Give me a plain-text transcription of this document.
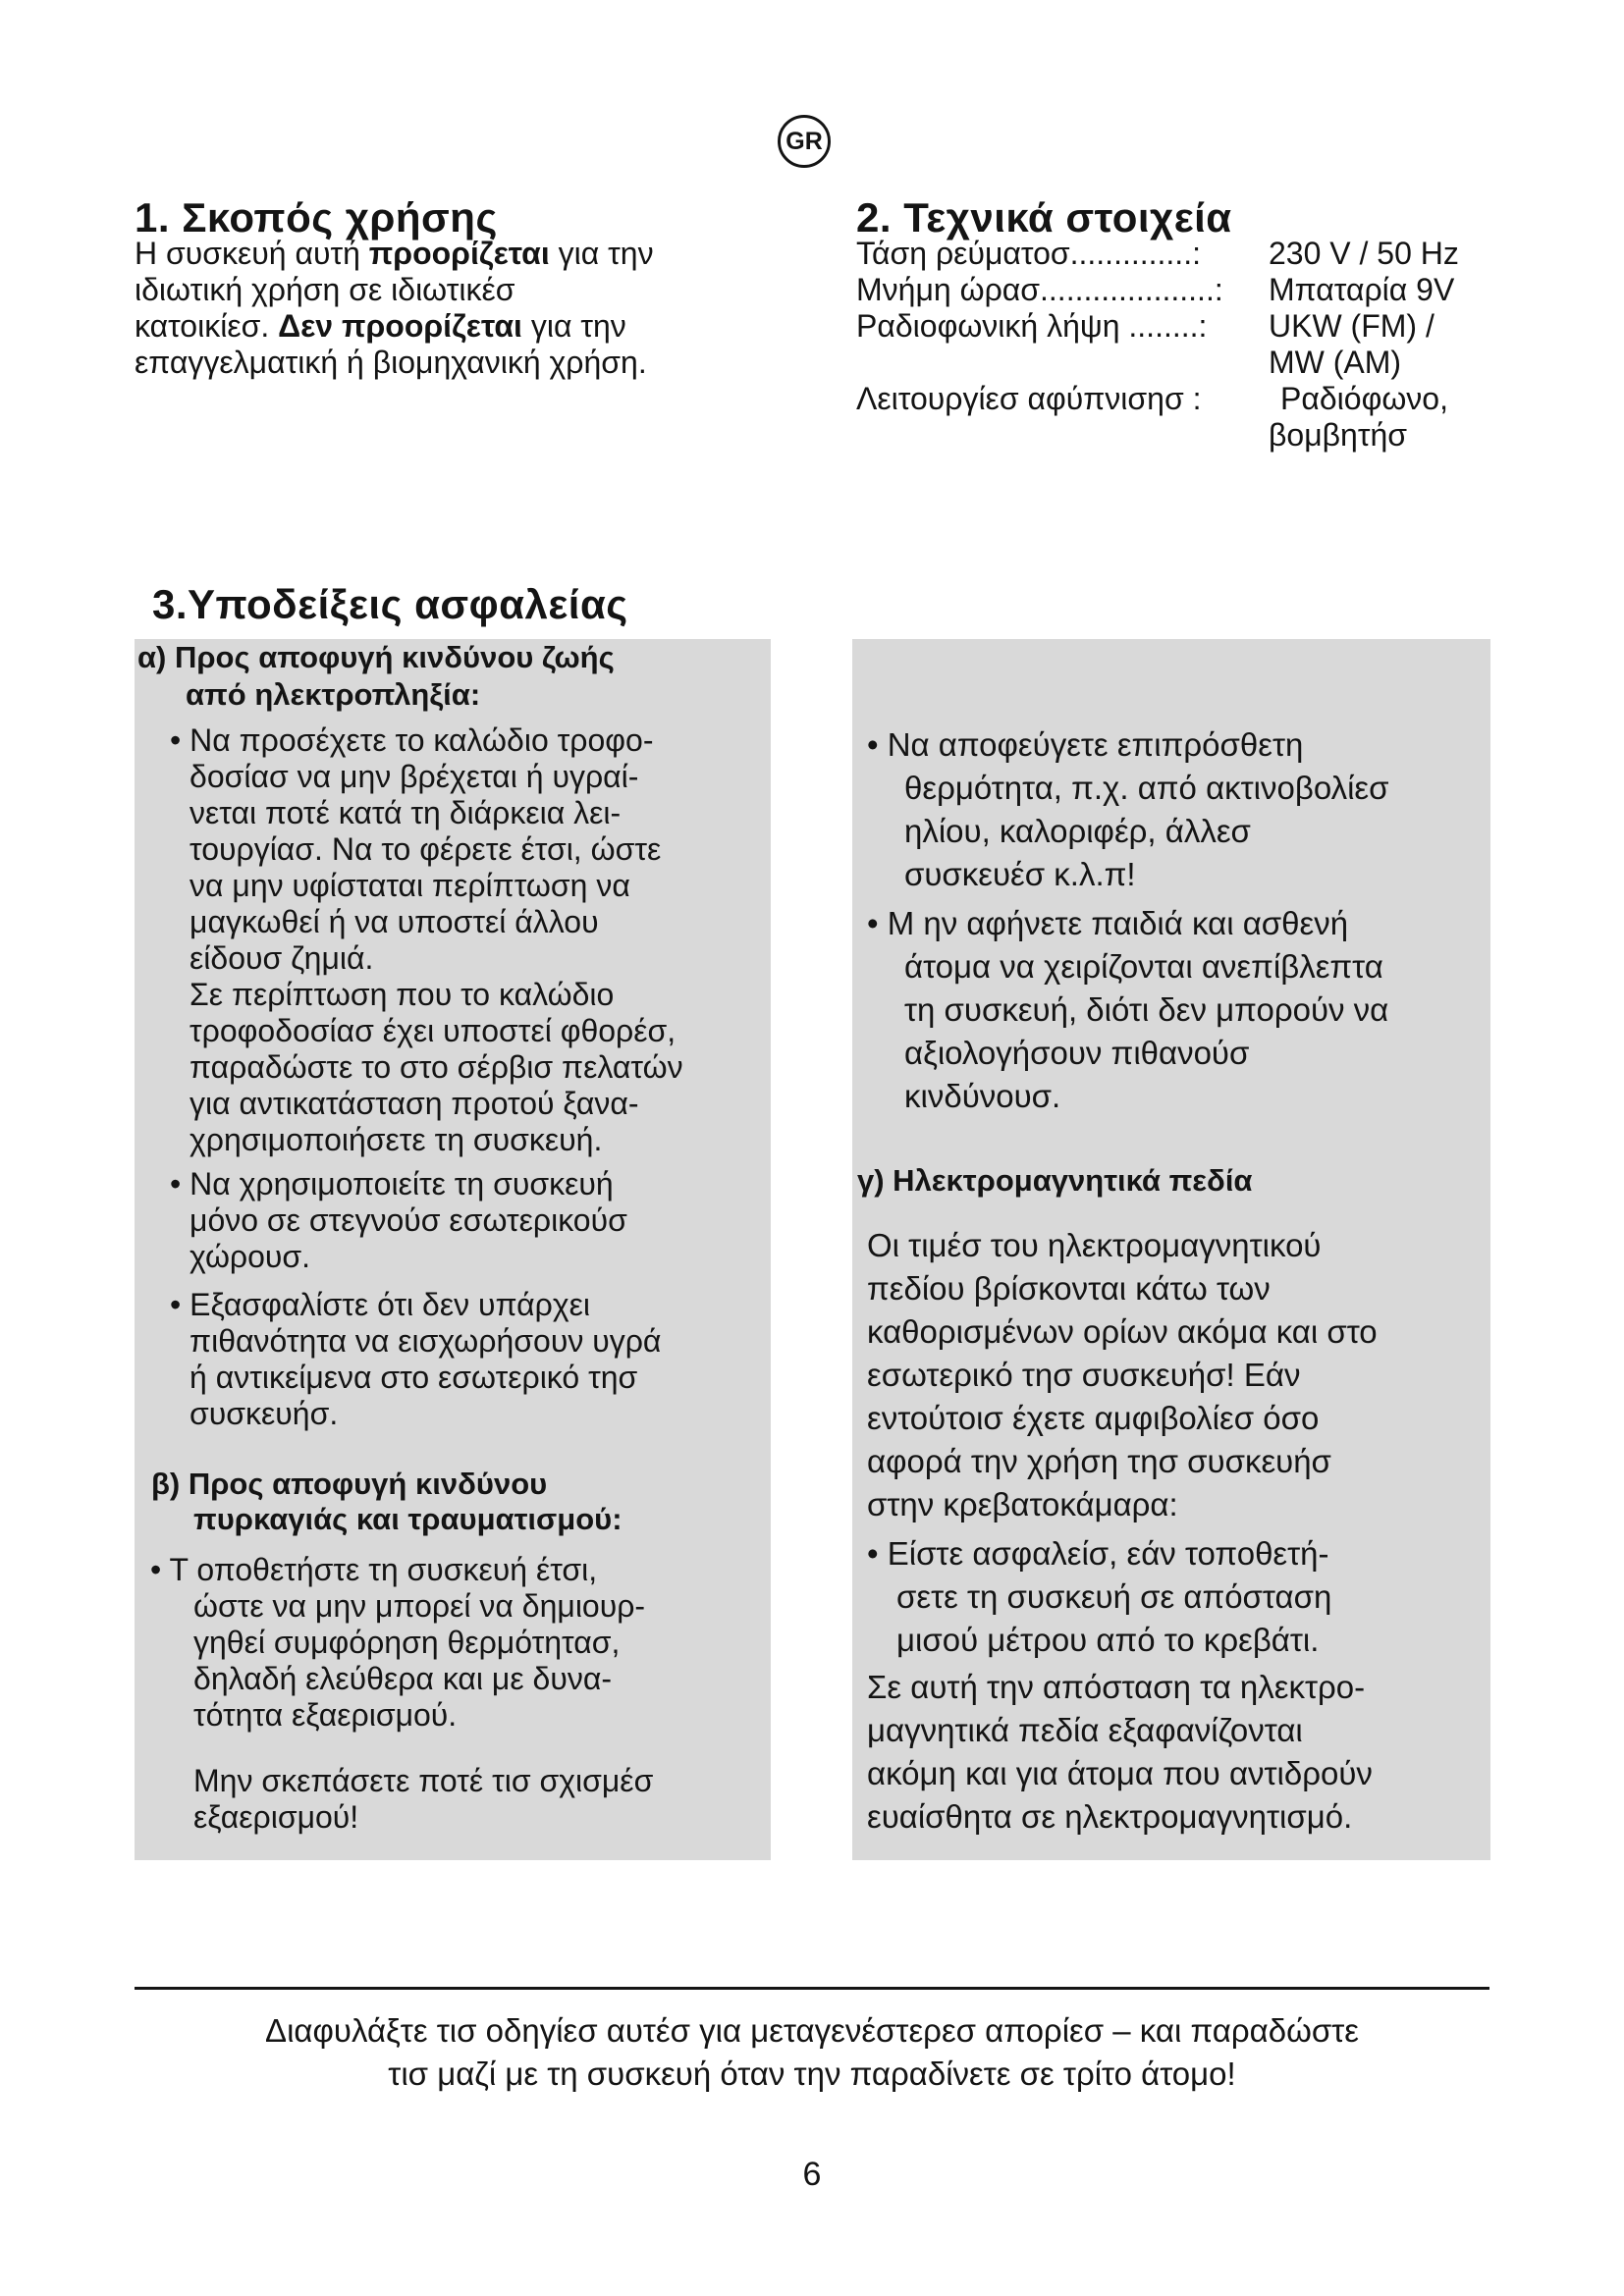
GR
1. Σκοπός χρήσης
Η συσκευή αυτή προορίζεται για την
ιδιωτική χρήση σε ιδιωτικέσ
κατοικίεσ. Δεν προορίζεται για την
επαγγελματική ή βιομηχανική χρήση.
2. Τεχνικά στοιχεία
Τάση ρεύματοσ..............: 230 V / 50 Hz
Μνήμη ώρασ....................: Μπαταρία 9V
Ραδιοφωνική λήψη ........: UKW (FM) /
MW (AM)
Λειτουργίεσ αφύπνισησ :	Ραδιόφωνο,
βομβητήσ
3.Υποδείξεις ασφαλείας
α) Προς αποφυγή κινδύνου ζωής
από ηλεκτροπληξία:
• Να προσέχετε το καλώδιο τροφο-
δοσίασ να μην βρέχεται ή υγραί-
νεται ποτέ κατά τη διάρκεια λει-
τουργίασ. Να το φέρετε έτσι, ώστε
να μην υφίσταται περίπτωση να
μαγκωθεί ή να υποστεί άλλου
είδουσ ζημιά.
Σε περίπτωση που το καλώδιο
τροφοδοσίασ έχει υποστεί φθορέσ,
παραδώστε το στο σέρβισ πελατών
για αντικατάσταση προτού ξανα-
χρησιμοποιήσετε τη συσκευή.
• Να χρησιμοποιείτε τη συσκευή
μόνο σε στεγνούσ εσωτερικούσ
χώρουσ.
• Εξασφαλίστε ότι δεν υπάρχει
πιθανότητα να εισχωρήσουν υγρά
ή αντικείμενα στο εσωτερικό τησ
συσκευήσ.
β) Προς αποφυγή κινδύνου
πυρκαγιάς και τραυματισμού:
• Τ οποθετήστε τη συσκευή έτσι,
ώστε να μην μπορεί να δημιουρ-
γηθεί συμφόρηση θερμότητασ,
δηλαδή ελεύθερα και με δυνα-
τότητα εξαερισμού.
Μην σκεπάσετε ποτέ τισ σχισμέσ
εξαερισμού!
• Να αποφεύγετε επιπρόσθετη
θερμότητα, π.χ. από ακτινοβολίεσ
ηλίου, καλοριφέρ, άλλεσ
συσκευέσ κ.λ.π!
• Μ ην αφήνετε παιδιά και ασθενή
άτομα να χειρίζονται ανεπίβλεπτα
τη συσκευή, διότι δεν μπορούν να
αξιολογήσουν πιθανούσ
κινδύνουσ.
γ) Ηλεκτρομαγνητικά πεδία
Οι τιμέσ του ηλεκτρομαγνητικού
πεδίου βρίσκονται κάτω των
καθορισμένων ορίων ακόμα και στο
εσωτερικό τησ συσκευήσ! Εάν
εντούτοισ έχετε αμφιβολίεσ όσο
αφορά την χρήση τησ συσκευήσ
στην κρεβατοκάμαρα:
• Είστε ασφαλείσ, εάν τοποθετή-
σετε τη συσκευή σε απόσταση
μισού μέτρου από το κρεβάτι.
Σε αυτή την απόσταση τα ηλεκτρο-
μαγνητικά πεδία εξαφανίζονται
ακόμη και για άτομα που αντιδρούν
ευαίσθητα σε ηλεκτρομαγνητισμό.
Διαφυλάξτε τισ οδηγίεσ αυτέσ για μεταγενέστερεσ απορίεσ – και παραδώστε
τισ μαζί με τη συσκευή όταν την παραδίνετε σε τρίτο άτομο!
6
